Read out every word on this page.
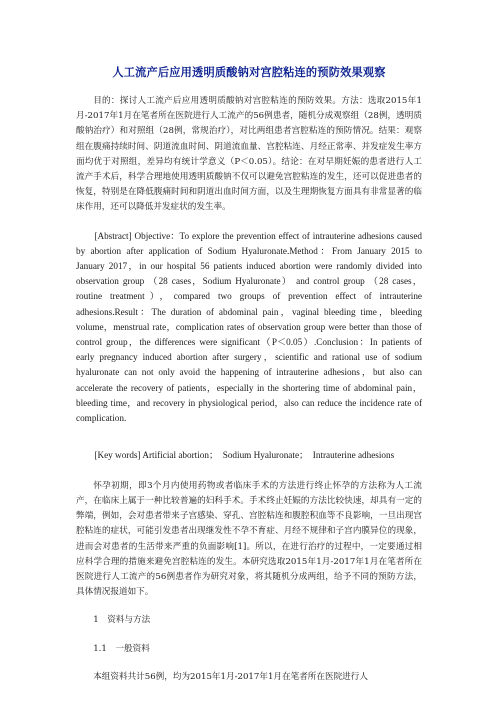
人工流产后应用透明质酸钠对宫腔粘连的预防效果观察

目的：探讨人工流产后应用透明质酸钠对宫腔粘连的预防效果。方法：选取2015年1月-2017年1月在笔者所在医院进行人工流产的56例患者，随机分成观察组（28例，透明质酸钠治疗）和对照组（28例，常规治疗），对比两组患者宫腔粘连的预防情况。结果：观察组在腹痛持续时间、阴道流血时间、阴道流血量、宫腔粘连、月经正常率、并发症发生率方面均优于对照组，差异均有统计学意义（P＜0.05）。结论：在对早期妊娠的患者进行人工流产手术后，科学合理地使用透明质酸钠不仅可以避免宫腔粘连的发生，还可以促进患者的恢复，特别是在降低腹痛时间和阴道出血时间方面，以及生理期恢复方面具有非常显著的临床作用，还可以降低并发症状的发生率。

[Abstract] Objective：To explore the prevention effect of intrauterine adhesions caused by abortion after application of Sodium Hyaluronate.Method：From January 2015 to January 2017，in our hospital 56 patients induced abortion were randomly divided into observation group （28 cases，Sodium Hyaluronate） and control group （28 cases，routine treatment），compared two groups of prevention effect of intrauterine adhesions.Result：The duration of abdominal pain，vaginal bleeding time，bleeding volume，menstrual rate，complication rates of observation group were better than those of control group，the differences were significant（P＜0.05）.Conclusion：In patients of early pregnancy induced abortion after surgery，scientific and rational use of sodium hyaluronate can not only avoid the happening of intrauterine adhesions，but also can accelerate the recovery of patients，especially in the shortering time of abdominal pain，bleeding time，and recovery in physiological period，also can reduce the incidence rate of complication.

[Key words] Artificial abortion；　Sodium Hyaluronate；　Intrauterine adhesions

怀孕初期，即3个月内使用药物或者临床手术的方法进行终止怀孕的方法称为人工流产，在临床上属于一种比较普遍的妇科手术。手术终止妊娠的方法比较快速，却具有一定的弊端，例如，会对患者带来子宫感染、穿孔、宫腔粘连和腹腔积血等不良影响，一旦出现宫腔粘连的症状，可能引发患者出现继发性不孕不育症、月经不规律和子宫内膜异位的现象，进而会对患者的生活带来严重的负面影响[1]。所以，在进行治疗的过程中，一定要通过相应科学合理的措施来避免宫腔粘连的发生。本研究选取2015年1月-2017年1月在笔者所在医院进行人工流产的56例患者作为研究对象，将其随机分成两组，给予不同的预防方法，具体情况报道如下。

1　资料与方法

1.1　一般资料

本组资料共计56例，均为2015年1月-2017年1月在笔者所在医院进行人
